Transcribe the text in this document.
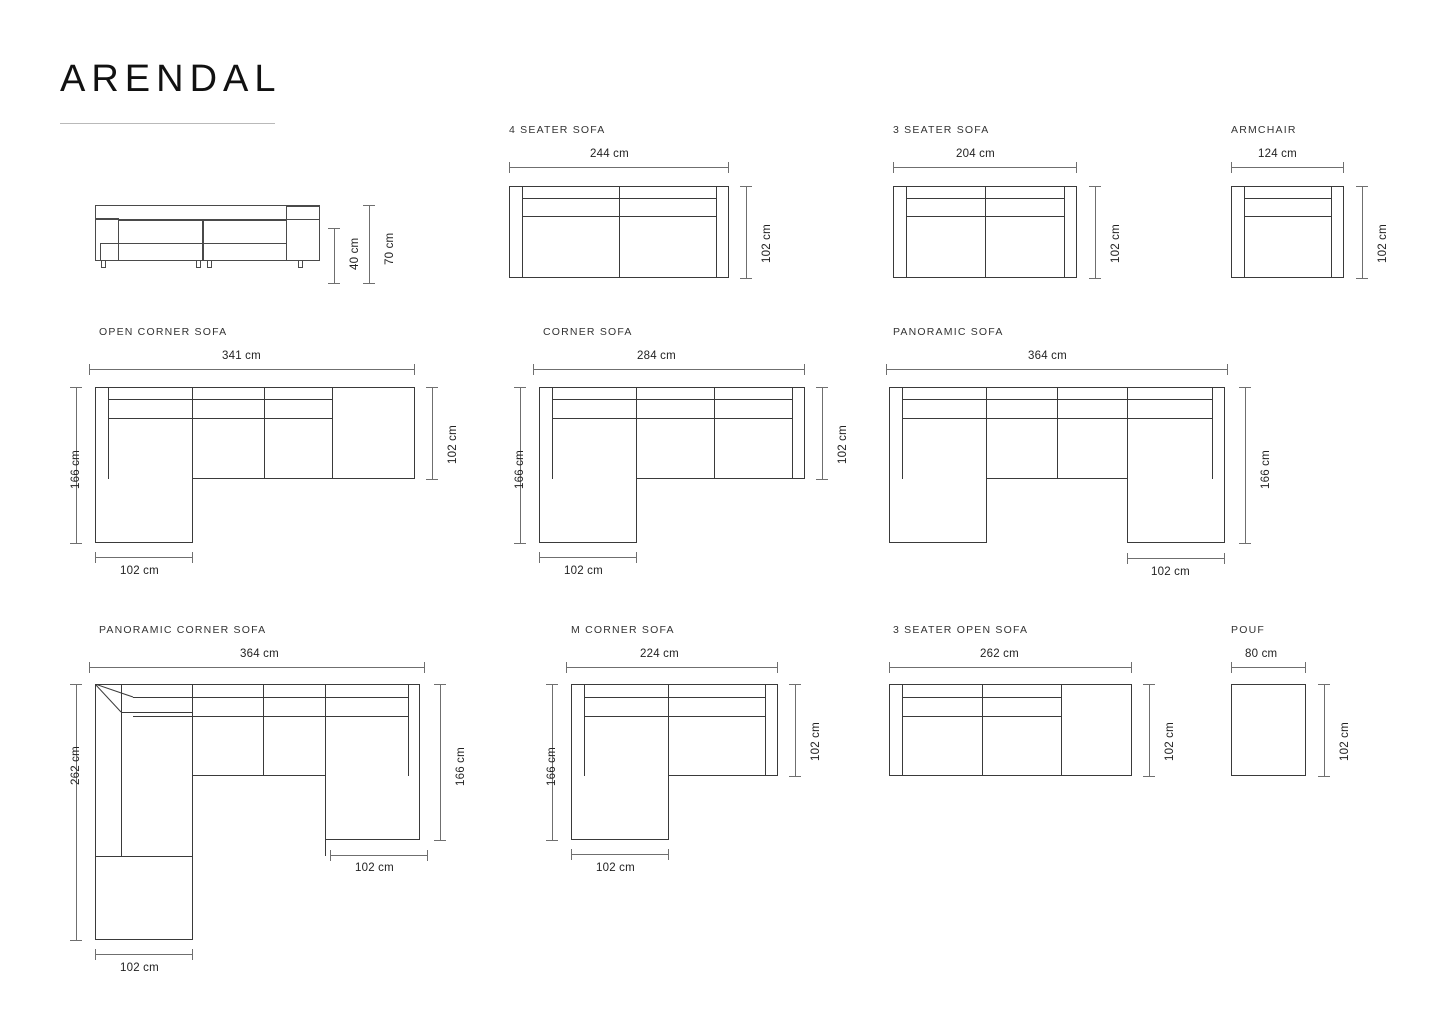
ARENDAL
70 cm
40 cm
4 SEATER SOFA
244 cm
102 cm
3 SEATER SOFA
204 cm
102 cm
ARMCHAIR
124 cm
102 cm
OPEN CORNER SOFA
341 cm
166 cm
102 cm
102 cm
CORNER SOFA
284 cm
166 cm
102 cm
102 cm
PANORAMIC SOFA
364 cm
166 cm
102 cm
PANORAMIC CORNER SOFA
364 cm
262 cm	166 cm
102 cm
102 cm
M CORNER SOFA
224 cm
166 cm
102 cm
102 cm
3 SEATER OPEN SOFA
262 cm
102 cm
POUF
80 cm
102 cm
